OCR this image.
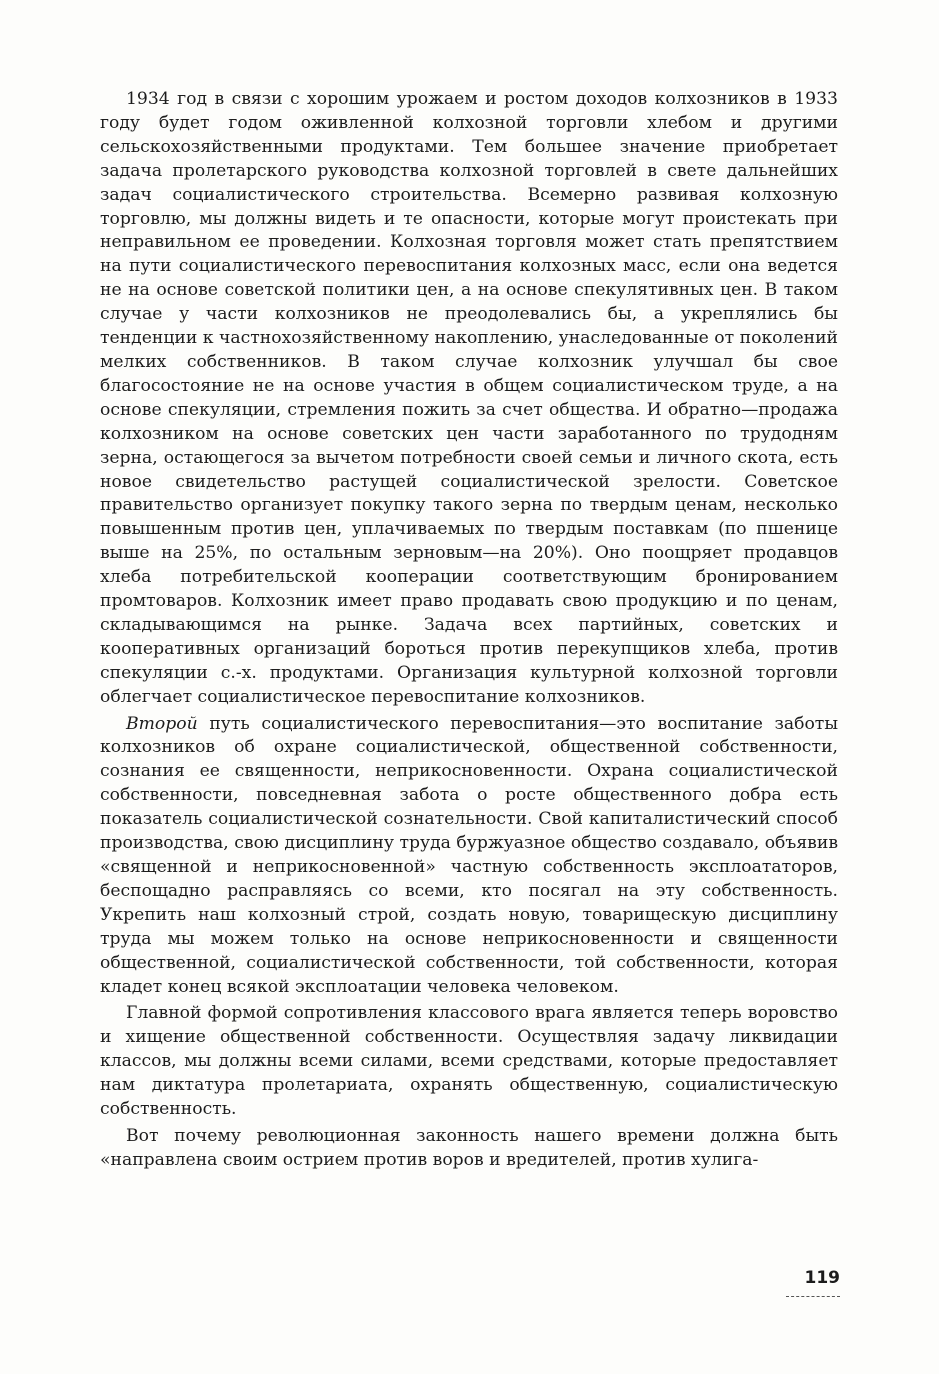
1934 год в связи с хорошим урожаем и ростом доходов колхозников в 1933 году будет годом оживленной колхозной торговли хлебом и другими сельскохозяйственными продуктами. Тем большее значение приобретает задача пролетарского руководства колхозной торговлей в свете дальнейших задач социалистического строительства. Всемерно развивая колхозную торговлю, мы должны видеть и те опасности, которые могут проистекать при неправильном ее проведении. Колхозная торговля может стать препятствием на пути социалистического перевоспитания колхозных масс, если она ведется не на основе советской политики цен, а на основе спекулятивных цен. В таком случае у части колхозников не преодолевались бы, а укреплялись бы тенденции к частнохозяйственному накоплению, унаследованные от поколений мелких собственников. В таком случае колхозник улучшал бы свое благосостояние не на основе участия в общем социалистическом труде, а на основе спекуляции, стремления пожить за счет общества. И обратно—продажа колхозником на основе советских цен части заработанного по трудодням зерна, остающегося за вычетом потребности своей семьи и личного скота, есть новое свидетельство растущей социалистической зрелости. Советское правительство организует покупку такого зерна по твердым ценам, несколько повышенным против цен, уплачиваемых по твердым поставкам (по пшенице выше на 25%, по остальным зерновым—на 20%). Оно поощряет продавцов хлеба потребительской кооперации соответствующим бронированием промтоваров. Колхозник имеет право продавать свою продукцию и по ценам, складывающимся на рынке. Задача всех партийных, советских и кооперативных организаций бороться против перекупщиков хлеба, против спекуляции с.-х. продуктами. Организация культурной колхозной торговли облегчает социалистическое перевоспитание колхозников.

Второй путь социалистического перевоспитания—это воспитание заботы колхозников об охране социалистической, общественной собственности, сознания ее священности, неприкосновенности. Охрана социалистической собственности, повседневная забота о росте общественного добра есть показатель социалистической сознательности. Свой капиталистический способ производства, свою дисциплину труда буржуазное общество создавало, объявив «священной и неприкосновенной» частную собственность эксплоататоров, беспощадно расправляясь со всеми, кто посягал на эту собственность. Укрепить наш колхозный строй, создать новую, товарищескую дисциплину труда мы можем только на основе неприкосновенности и священности общественной, социалистической собственности, той собственности, которая кладет конец всякой эксплоатации человека человеком.

Главной формой сопротивления классового врага является теперь воровство и хищение общественной собственности. Осуществляя задачу ликвидации классов, мы должны всеми силами, всеми средствами, которые предоставляет нам диктатура пролетариата, охранять общественную, социалистическую собственность.

Вот почему революционная законность нашего времени должна быть «направлена своим острием против воров и вредителей, против хулига-

119
